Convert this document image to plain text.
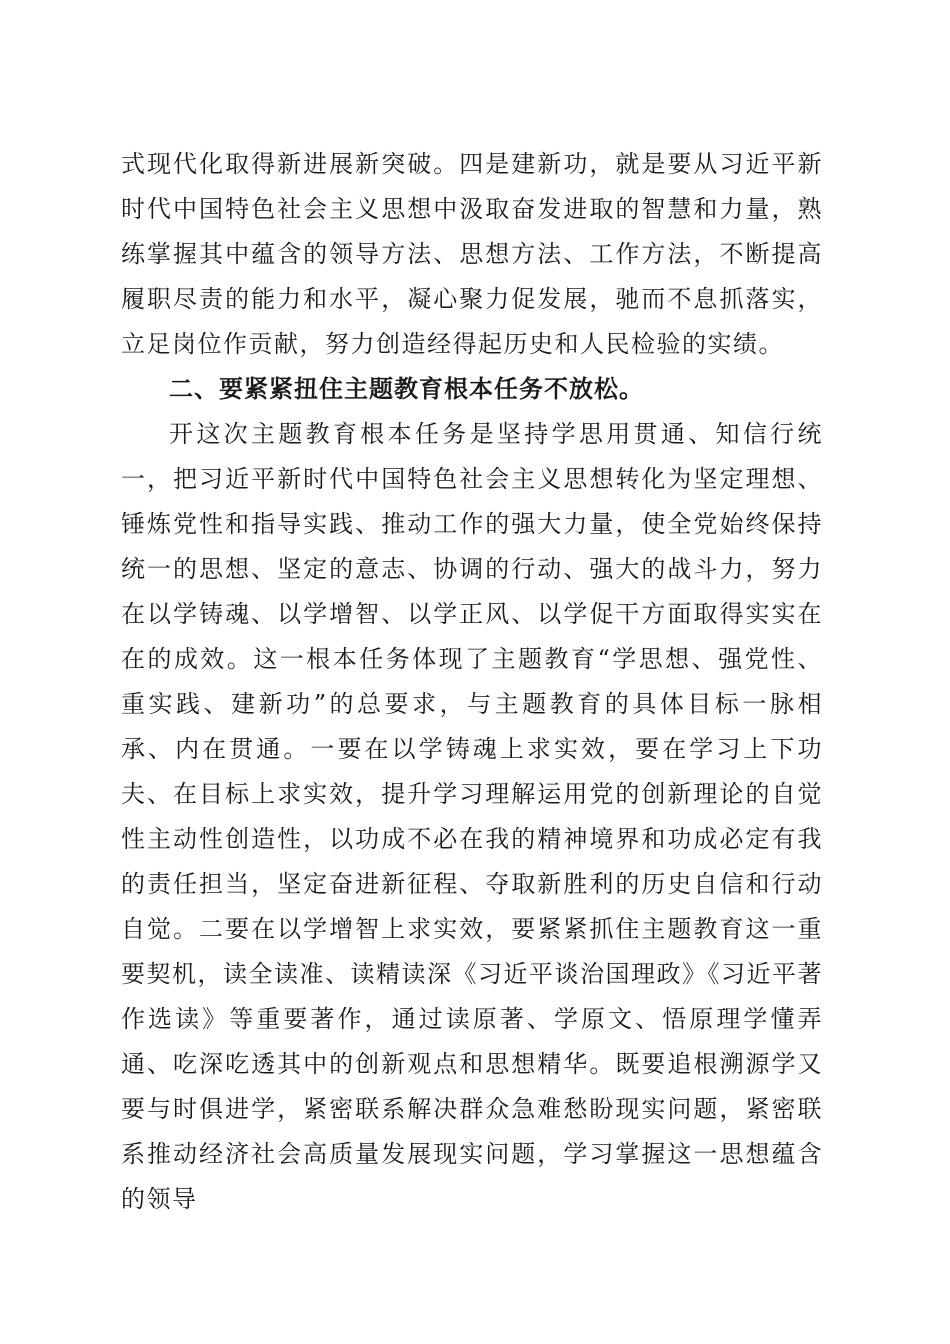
式现代化取得新进展新突破。四是建新功，就是要从习近平新时代中国特色社会主义思想中汲取奋发进取的智慧和力量，熟练掌握其中蕴含的领导方法、思想方法、工作方法，不断提高履职尽责的能力和水平，凝心聚力促发展，驰而不息抓落实，立足岗位作贡献，努力创造经得起历史和人民检验的实绩。

二、要紧紧扭住主题教育根本任务不放松。

开这次主题教育根本任务是坚持学思用贯通、知信行统一，把习近平新时代中国特色社会主义思想转化为坚定理想、锤炼党性和指导实践、推动工作的强大力量，使全党始终保持统一的思想、坚定的意志、协调的行动、强大的战斗力，努力在以学铸魂、以学增智、以学正风、以学促干方面取得实实在在的成效。这一根本任务体现了主题教育“学思想、强党性、重实践、建新功”的总要求，与主题教育的具体目标一脉相承、内在贯通。一要在以学铸魂上求实效，要在学习上下功夫、在目标上求实效，提升学习理解运用党的创新理论的自觉性主动性创造性，以功成不必在我的精神境界和功成必定有我的责任担当，坚定奋进新征程、夺取新胜利的历史自信和行动自觉。二要在以学增智上求实效，要紧紧抓住主题教育这一重要契机，读全读准、读精读深《习近平谈治国理政》《习近平著作选读》等重要著作，通过读原著、学原文、悟原理学懂弄通、吃深吃透其中的创新观点和思想精华。既要追根溯源学又要与时俱进学，紧密联系解决群众急难愁盼现实问题，紧密联系推动经济社会高质量发展现实问题，学习掌握这一思想蕴含的领导
